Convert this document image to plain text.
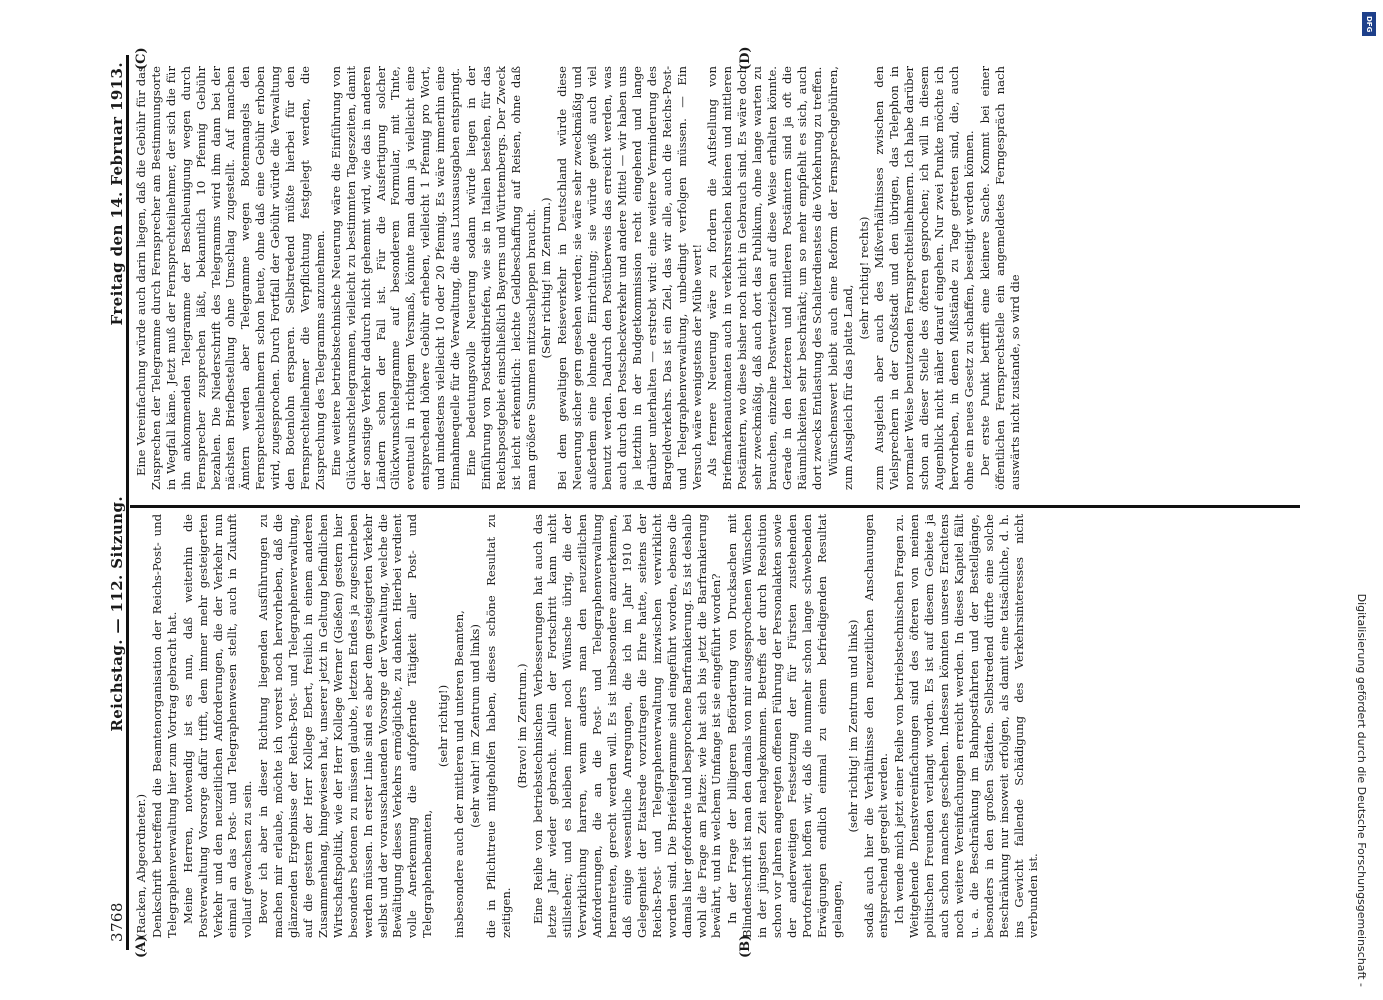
3768
Reichstag. — 112. Sitzung.
Freitag den 14. Februar 1913.
(A)	(B)
(C)	(D)

(Racken, Abgeordneter.) Denkschrift betreffend die Beamtenorganisation der Reichs-Post- und Telegraphenverwaltung hier zum Vortrag gebracht hat. Meine Herren, notwendig ist es nun, daß weiterhin die Postverwaltung Vorsorge dafür trifft, dem immer mehr gesteigerten Verkehr und den neuzeitlichen Anforderungen, die der Verkehr nun einmal an das Post- und Telegraphenwesen stellt, auch in Zukunft vollauf gewachsen zu sein. Bevor ich aber in dieser Richtung liegenden Ausführungen zu machen mir erlaube, möchte ich vorerst noch hervorheben, daß die glänzenden Ergebnisse der Reichs-Post- und Telegraphenverwaltung, auf die gestern der Herr Kollege Ebert, freilich in einem anderen Zusammenhang, hingewiesen hat, unserer jetzt in Geltung befindlichen Wirtschaftspolitik, wie der Herr Kollege Werner (Gießen) gestern hier besonders betonen zu müssen glaubte, letzten Endes ja zugeschrieben werden müssen. In erster Linie sind es aber dem gesteigerten Verkehr selbst und der vorausschauenden Vorsorge der Verwaltung, welche die Bewältigung dieses Verkehrs ermöglichte, zu danken. Hierbei verdient volle Anerkennung die aufopfernde Tätigkeit aller Post- und Telegraphenbeamten,

(sehr richtig!) insbesondere auch der mittleren und unteren Beamten, (sehr wahr! im Zentrum und links) die in Pflichttreue mitgeholfen haben, dieses schöne Resultat zu zeitigen.

(Bravo! im Zentrum.) Eine Reihe von betriebstechnischen Verbesserungen hat auch das letzte Jahr wieder gebracht. Allein der Fortschritt kann nicht stillstehen; und es bleiben immer noch Wünsche übrig, die der Verwirklichung harren, wenn anders man den neuzeitlichen Anforderungen, die an die Post- und Telegraphenverwaltung herantreten, gerecht werden will. Es ist insbesondere anzuerkennen, daß einige wesentliche Anregungen, die ich im Jahr 1910 bei Gelegenheit der Etatsrede vorzutragen die Ehre hatte, seitens der Reichs-Post- und Telegraphenverwaltung inzwischen verwirklicht worden sind. Die Briefeilegramme sind eingeführt worden, ebenso die damals hier geforderte und besprochene Barfrankierung. Es ist deshalb wohl die Frage am Platze: wie hat sich bis jetzt die Barfrankierung bewährt, und in welchem Umfange ist sie eingeführt worden? In der Frage der billigeren Beförderung von Drucksachen mit Blindenschrift ist man den damals von mir ausgesprochenen Wünschen in der jüngsten Zeit nachgekommen. Betreffs der durch Resolution schon vor Jahren angeregten offenen Führung der Personalakten sowie der anderweitigen Festsetzung der für Fürsten zustehenden Portofreiheit hoffen wir, daß die nunmehr schon lange schwebenden Erwägungen endlich einmal zu einem befriedigenden Resultat gelangen,

(sehr richtig! im Zentrum und links) sodaß auch hier die Verhältnisse den neuzeitlichen Anschauungen entsprechend geregelt werden. Ich wende mich jetzt einer Reihe von betriebstechnischen Fragen zu. Weitgehende Dienstvereinfachungen sind des öfteren von meinen politischen Freunden verlangt worden. Es ist auf diesem Gebiete ja auch schon manches geschehen. Indessen könnten unseres Erachtens noch weitere Vereinfachungen erreicht werden. In dieses Kapitel fällt u. a. die Beschränkung im Bahnpostfahrten und der Bestellgänge, besonders in den großen Städten. Selbstredend dürfte eine solche Beschränkung nur insoweit erfolgen, als damit eine tatsächliche, d. h. ins Gewicht fallende Schädigung des Verkehrsinteresses nicht verbunden ist.

Eine Vereinfachung würde auch darin liegen, daß die Gebühr für das Zusprechen der Telegramme durch Fernsprecher am Bestimmungsorte in Wegfall käme. Jetzt muß der Fernsprechteilnehmer, der sich die für ihn ankommenden Telegramme der Beschleunigung wegen durch Fernsprecher zusprechen läßt, bekanntlich 10 Pfennig Gebühr bezahlen. Die Niederschrift des Telegramms wird ihm dann bei der nächsten Briefbestellung ohne Umschlag zugestellt. Auf manchen Ämtern werden aber Telegramme wegen Botenmangels den Fernsprechteilnehmern schon heute, ohne daß eine Gebühr erhoben wird, zugesprochen. Durch Fortfall der Gebühr würde die Verwaltung den Botenlohn ersparen. Selbstredend müßte hierbei für den Fernsprechteilnehmer die Verpflichtung festgelegt werden, die Zusprechung des Telegramms anzunehmen. Eine weitere betriebstechnische Neuerung wäre die Einführung von Glückwunschtelegrammen, vielleicht zu bestimmten Tageszeiten, damit der sonstige Verkehr dadurch nicht gehemmt wird, wie das in anderen Ländern schon der Fall ist. Für die Ausfertigung solcher Glückwunschtelegramme auf besonderem Formular, mit Tinte, eventuell in richtigem Versmaß, könnte man dann ja vielleicht eine entsprechend höhere Gebühr erheben, vielleicht 1 Pfennig pro Wort, und mindestens vielleicht 10 oder 20 Pfennig. Es wäre immerhin eine Einnahmequelle für die Verwaltung, die aus Luxusausgaben entspringt. Eine bedeutungsvolle Neuerung sodann würde liegen in der Einführung von Postkreditbriefen, wie sie in Italien bestehen, für das Reichspostgebiet einschließlich Bayerns und Württembergs. Der Zweck ist leicht erkenntlich: leichte Geldbeschaffung auf Reisen, ohne daß man größere Summen mitzuschleppen braucht. (Sehr richtig! im Zentrum.) Bei dem gewaltigen Reiseverkehr in Deutschland würde diese Neuerung sicher gern gesehen werden; sie wäre sehr zweckmäßig und außerdem eine lohnende Einrichtung; sie würde gewiß auch viel benutzt werden. Dadurch den Postüberweis das erreicht werden, was auch durch den Postscheckverkehr und andere Mittel — wir haben uns ja letzthin in der Budgetkommission recht eingehend und lange darüber unterhalten — erstrebt wird: eine weitere Verminderung des Bargeldverkehrs. Das ist ein Ziel, das wir alle, auch die Reichs-Post- und Telegraphenverwaltung, unbedingt verfolgen müssen. — Ein Versuch wäre wenigstens der Mühe wert! Als fernere Neuerung wäre zu fordern die Aufstellung von Briefmarkenautomaten auch in verkehrsreichen kleinen und mittleren Postämtern, wo diese bisher noch nicht in Gebrauch sind. Es wäre doch sehr zweckmäßig, daß auch dort das Publikum, ohne lange warten zu brauchen, einzelne Postwertzeichen auf diese Weise erhalten könnte. Gerade in den letzteren und mittleren Postämtern sind ja oft die Räumlichkeiten sehr beschränkt; um so mehr empfiehlt es sich, auch dort zwecks Entlastung des Schalterdienstes die Vorkehrung zu treffen. Wünschenswert bleibt auch eine Reform der Fernsprechgebühren, zum Ausgleich für das platte Land,

(sehr richtig! rechts) zum Ausgleich aber auch des Mißverhältnisses zwischen den Vielsprechern in der Großstadt und den übrigen, das Telephon in normaler Weise benutzenden Fernsprechteilnehmern. Ich habe darüber schon an dieser Stelle des öfteren gesprochen; ich will in diesem Augenblick nicht näher darauf eingehen. Nur zwei Punkte möchte ich hervorheben, in denen Mißstände zu Tage getreten sind, die, auch ohne ein neues Gesetz zu schaffen, beseitigt werden können. Der erste Punkt betrifft eine kleinere Sache. Kommt bei einer öffentlichen Fernsprechstelle ein angemeldetes Ferngespräch nach auswärts nicht zustande, so wird die

Digitalisierung gefördert durch die Deutsche Forschungsgemeinschaft -
DFG
